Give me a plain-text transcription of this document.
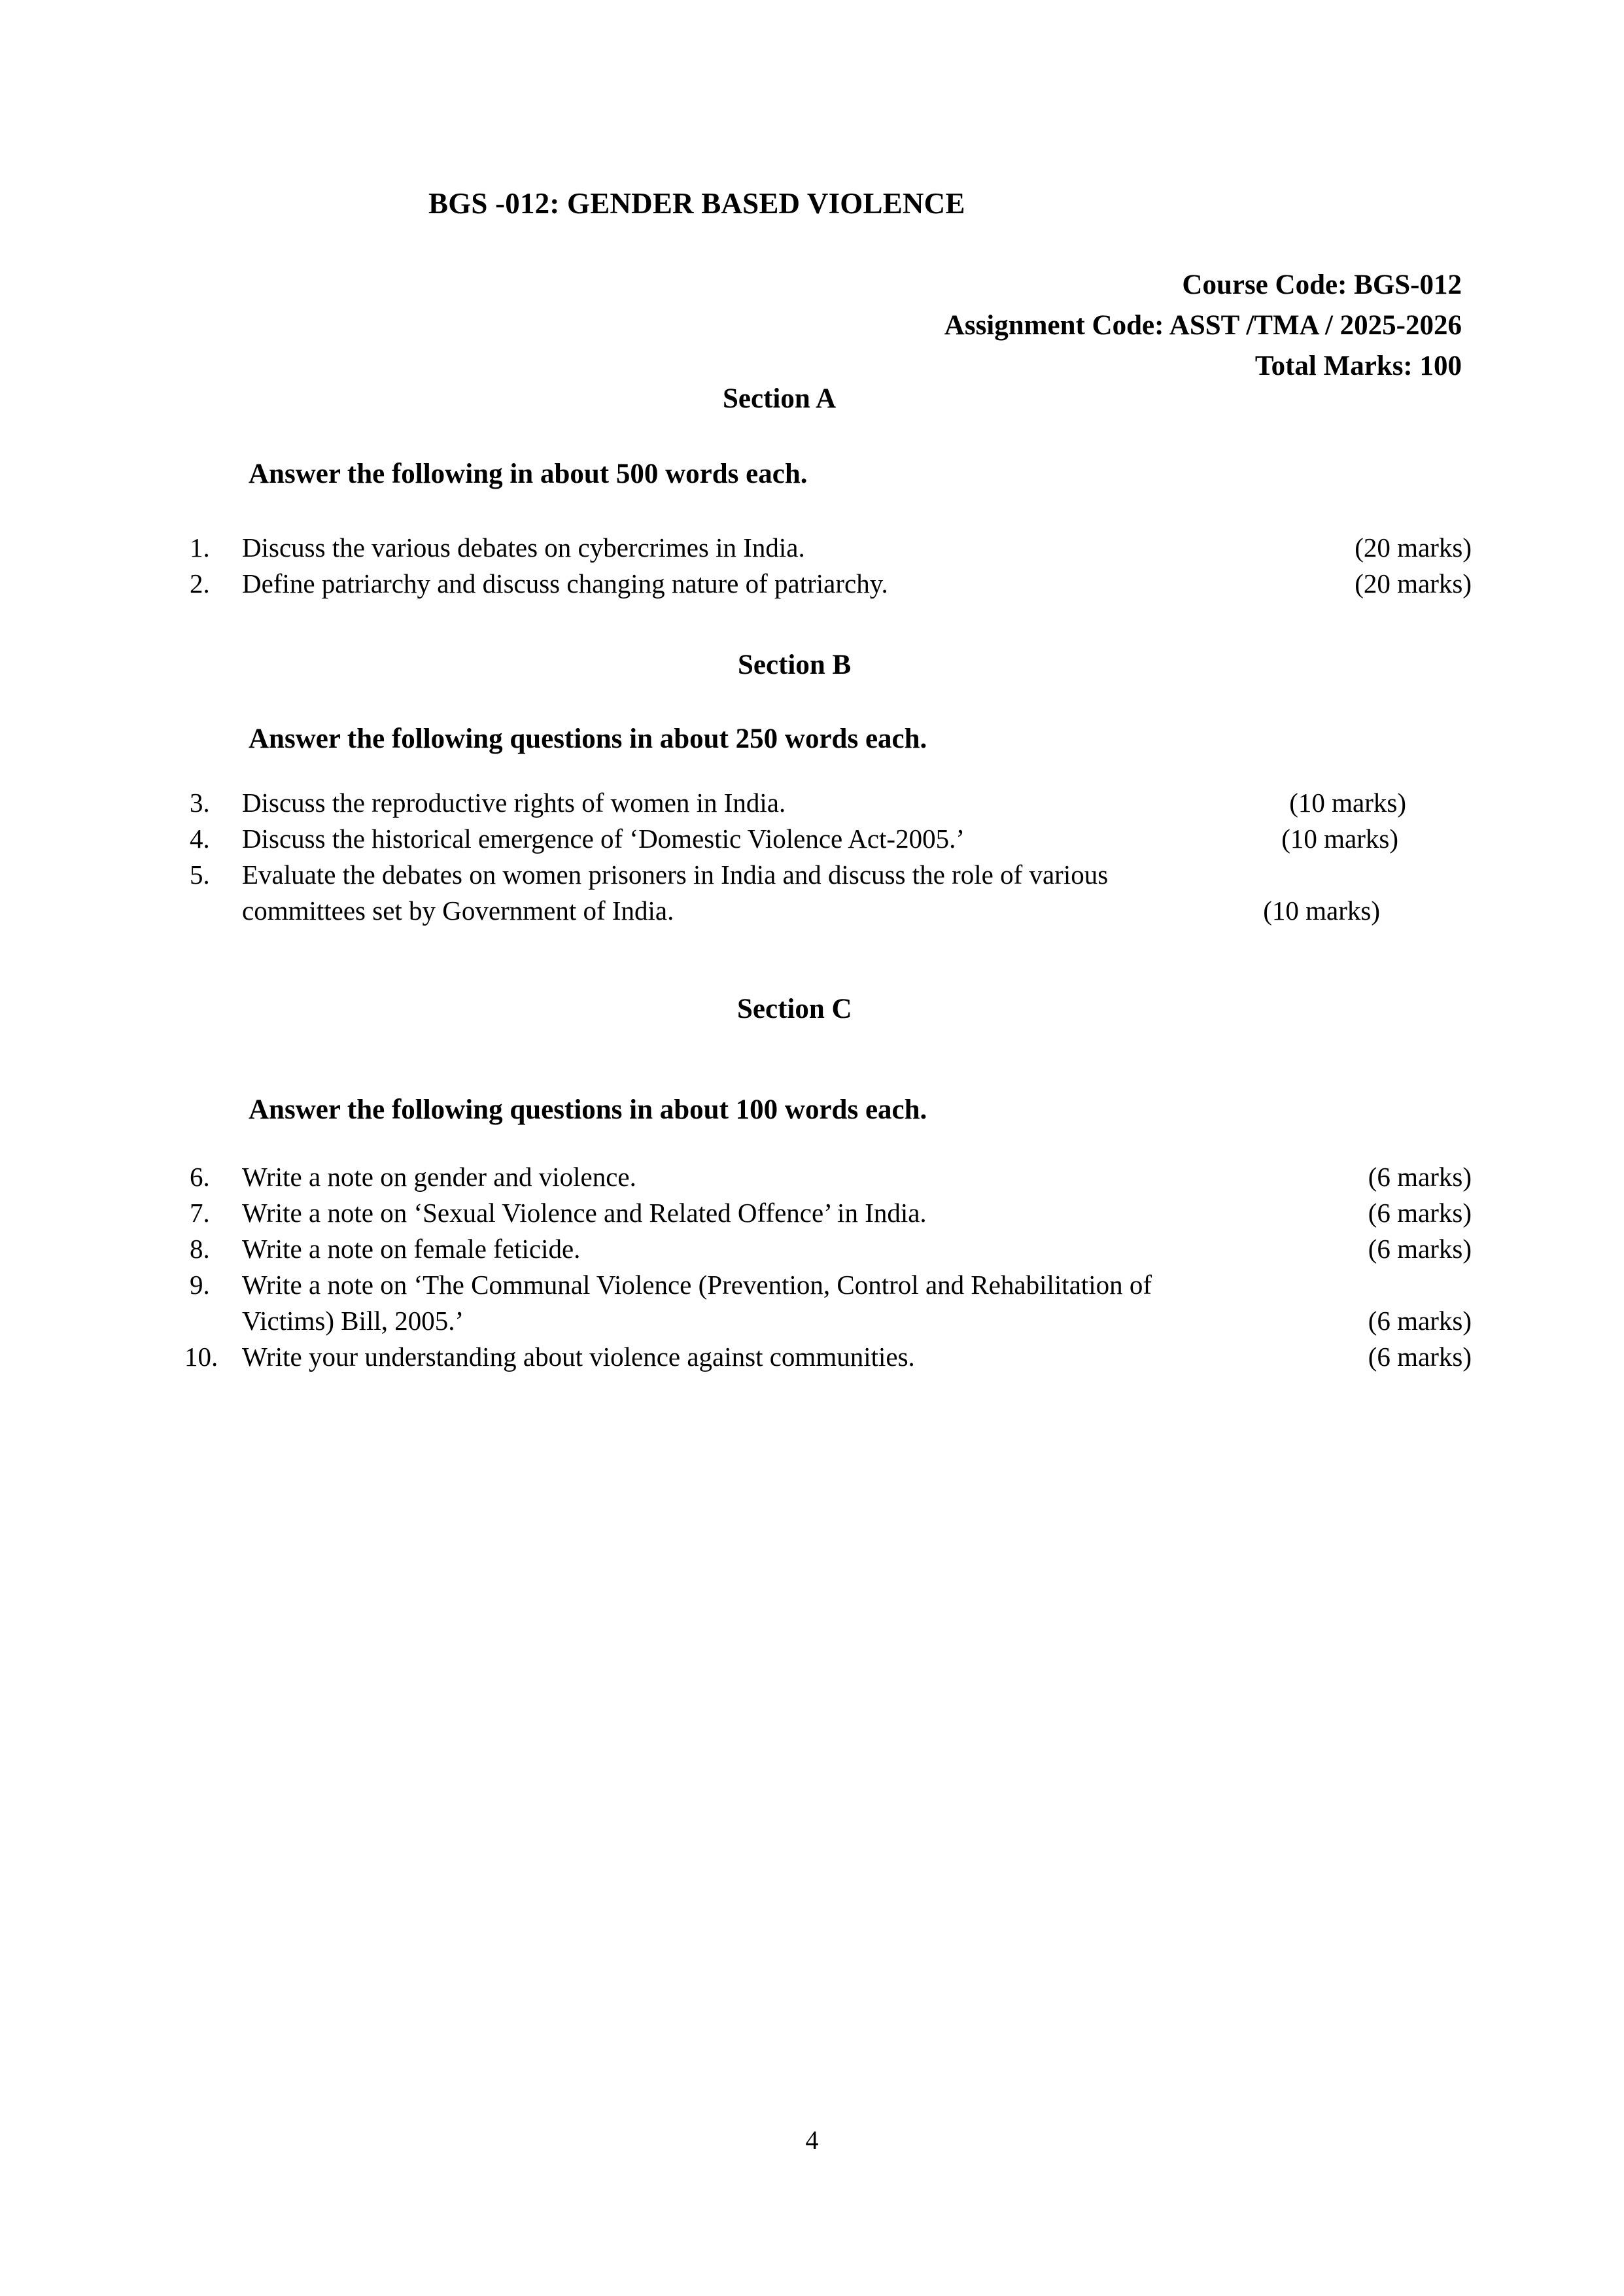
BGS -012: GENDER BASED VIOLENCE
Course Code: BGS-012
Assignment Code: ASST /TMA / 2025-2026
Total Marks: 100
Section A
Answer the following in about 500 words each.
1.	Discuss the various debates on cybercrimes in India.	(20 marks)
2.	Define patriarchy and discuss changing nature of patriarchy.	(20 marks)
Section B
Answer the following questions in about 250 words each.
3.	Discuss the reproductive rights of women in India.	(10 marks)
4.	Discuss the historical emergence of ‘Domestic Violence Act-2005.’	(10 marks)
5.	Evaluate the debates on women prisoners in India and discuss the role of various
committees set by Government of India.	(10 marks)
Section C
Answer the following questions in about 100 words each.
6.	Write a note on gender and violence.	(6 marks)
7.	Write a note on ‘Sexual Violence and Related Offence’ in India.	(6 marks)
8.	Write a note on female feticide.	(6 marks)
9.	Write a note on ‘The Communal Violence (Prevention, Control and Rehabilitation of
Victims) Bill, 2005.’	(6 marks)
10. Write your understanding about violence against communities.	(6 marks)
4
